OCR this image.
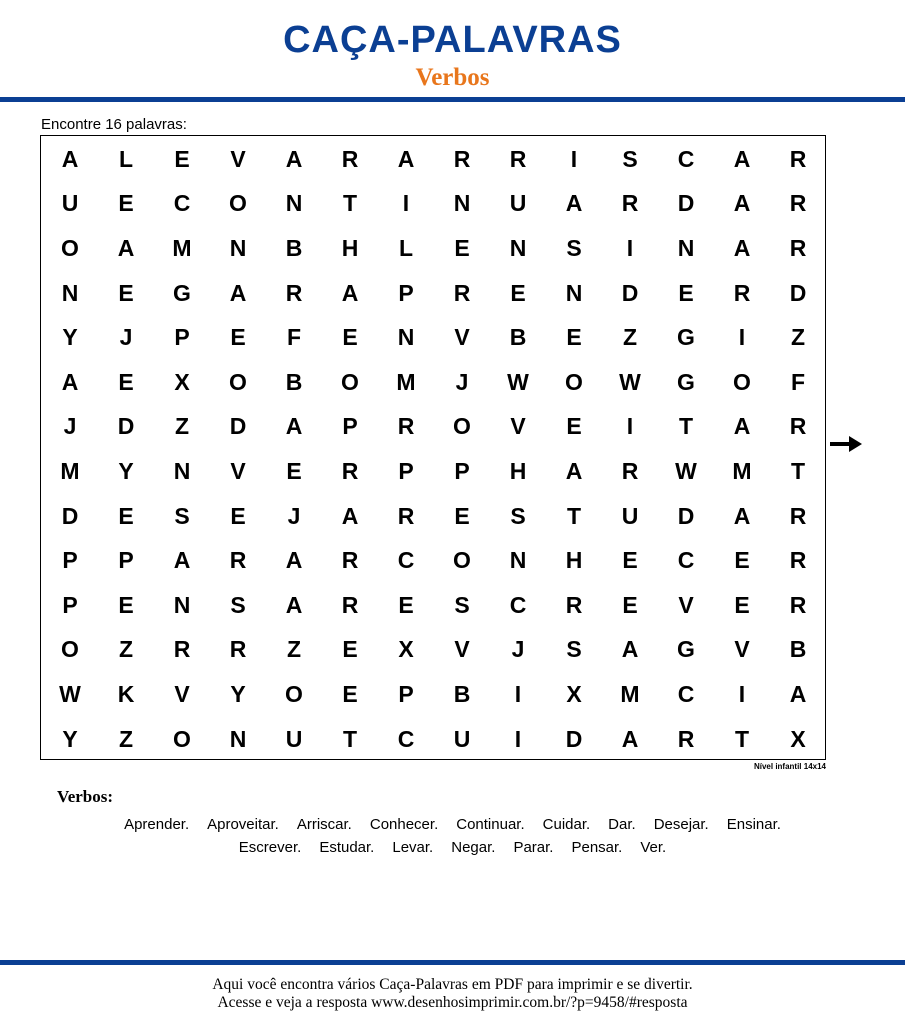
CAÇA-PALAVRAS
Verbos
Encontre 16 palavras:
A	L	E	V	A	R	A	R	R	I	S	C	A	R
U	E	C	O	N	T	I	N	U	A	R	D	A	R
O	A	M	N	B	H	L	E	N	S	I	N	A	R
N	E	G	A	R	A	P	R	E	N	D	E	R	D
Y	J	P	E	F	E	N	V	B	E	Z	G	I	Z
A	E	X	O	B	O	M	J	W	O	W	G	O	F
J	D	Z	D	A	P	R	O	V	E	I	T	A	R
M	Y	N	V	E	R	P	P	H	A	R	W	M	T
D	E	S	E	J	A	R	E	S	T	U	D	A	R
P	P	A	R	A	R	C	O	N	H	E	C	E	R
P	E	N	S	A	R	E	S	C	R	E	V	E	R
O	Z	R	R	Z	E	X	V	J	S	A	G	V	B
W	K	V	Y	O	E	P	B	I	X	M	C	I	A
Y	Z	O	N	U	T	C	U	I	D	A	R	T	X
Nível infantil 14x14
Verbos:
Aprender. Aproveitar. Arriscar. Conhecer. Continuar. Cuidar. Dar. Desejar. Ensinar.
Escrever. Estudar. Levar. Negar. Parar. Pensar. Ver.
Aqui você encontra vários Caça-Palavras em PDF para imprimir e se divertir.
Acesse e veja a resposta www.desenhosimprimir.com.br/?p=9458/#resposta
